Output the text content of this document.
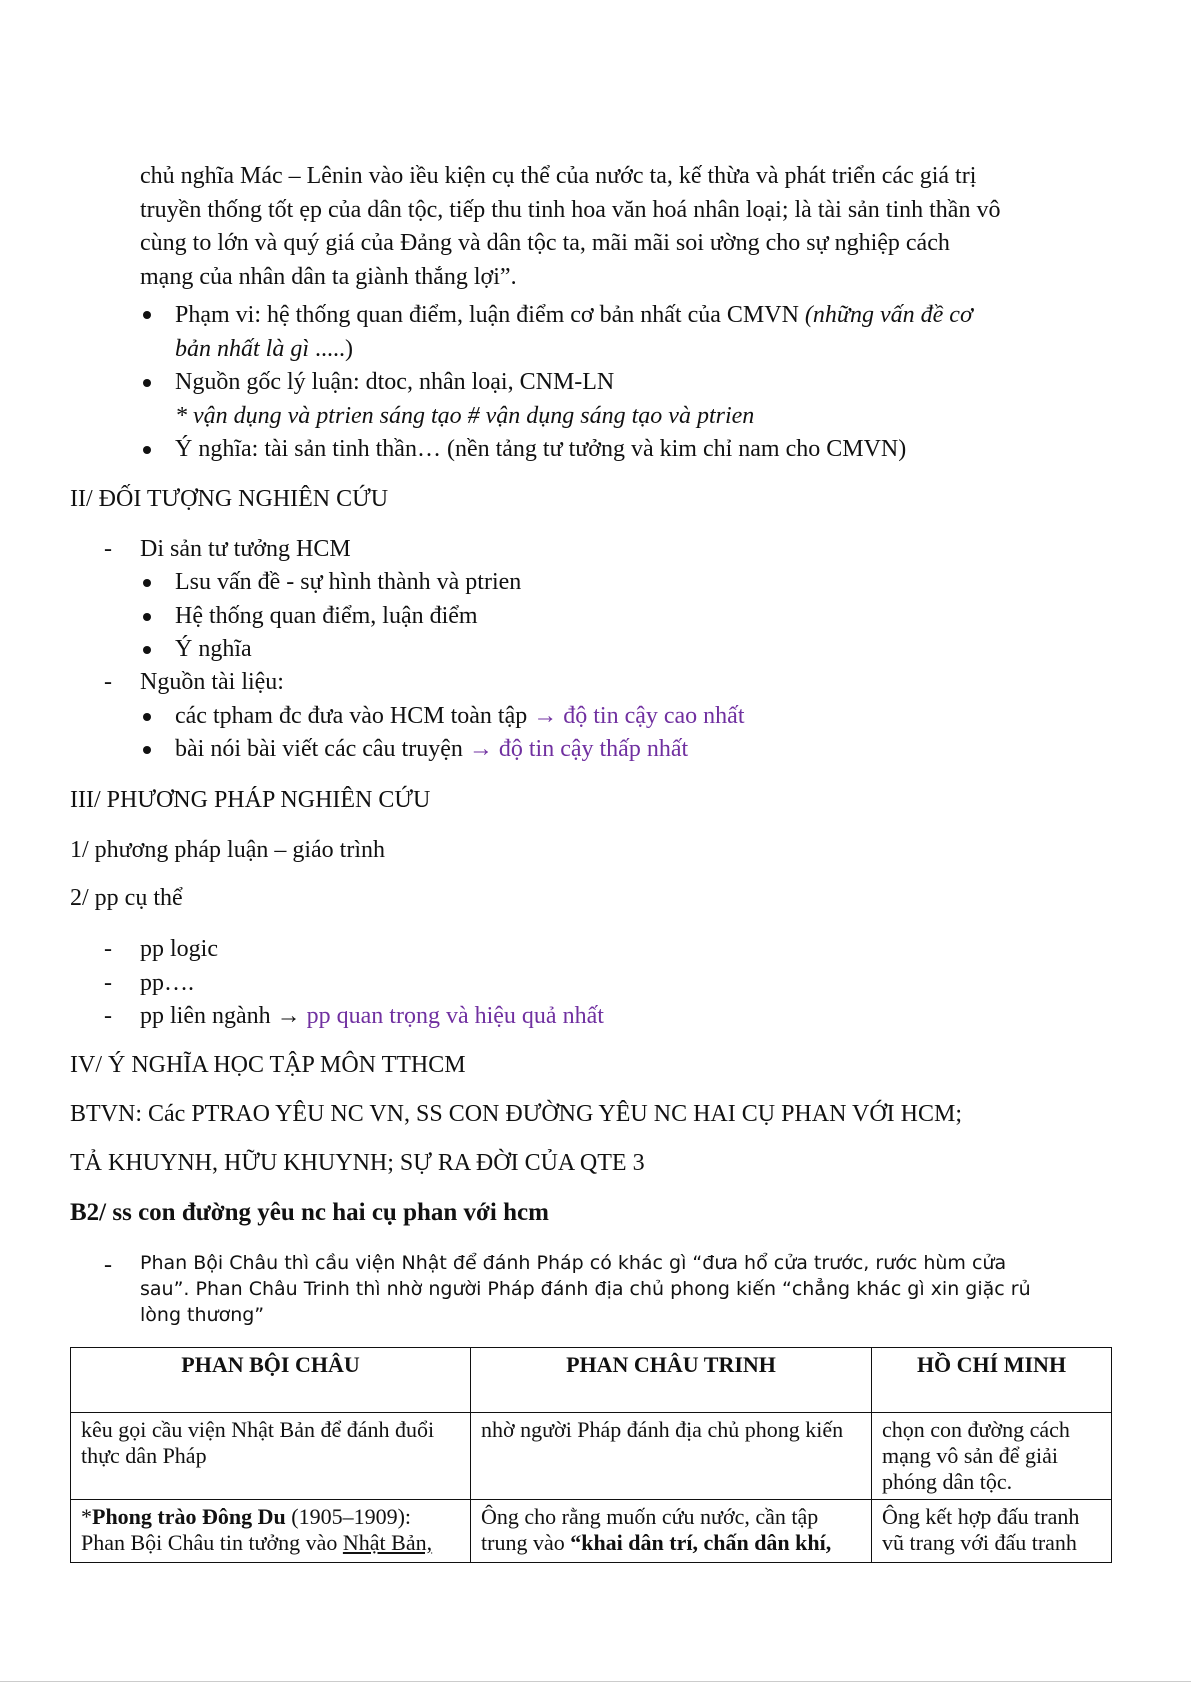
chủ nghĩa Mác – Lênin vào iều kiện cụ thể của nước ta, kế thừa và phát triển các giá trị
truyền thống tốt ẹp của dân tộc, tiếp thu tinh hoa văn hoá nhân loại; là tài sản tinh thần vô
cùng to lớn và quý giá của Đảng và dân tộc ta, mãi mãi soi ường cho sự nghiệp cách
mạng của nhân dân ta giành thắng lợi”.
Phạm vi: hệ thống quan điểm, luận điểm cơ bản nhất của CMVN (những vấn đề cơ
bản nhất là gì .....)
Nguồn gốc lý luận: dtoc, nhân loại, CNM-LN
* vận dụng và ptrien sáng tạo # vận dụng sáng tạo và ptrien
Ý nghĩa: tài sản tinh thần… (nền tảng tư tưởng và kim chỉ nam cho CMVN)
II/ ĐỐI TƯỢNG NGHIÊN CỨU
- Di sản tư tưởng HCM
Lsu vấn đề - sự hình thành và ptrien
Hệ thống quan điểm, luận điểm
Ý nghĩa
- Nguồn tài liệu:
các tpham đc đưa vào HCM toàn tập → độ tin cậy cao nhất
bài nói bài viết các câu truyện → độ tin cậy thấp nhất
III/ PHƯƠNG PHÁP NGHIÊN CỨU
1/ phương pháp luận – giáo trình
2/ pp cụ thể
- pp logic
- pp….
- pp liên ngành → pp quan trọng và hiệu quả nhất
IV/ Ý NGHĨA HỌC TẬP MÔN TTHCM
BTVN: Các PTRAO YÊU NC VN, SS CON ĐƯỜNG YÊU NC HAI CỤ PHAN VỚI HCM;
TẢ KHUYNH, HỮU KHUYNH; SỰ RA ĐỜI CỦA QTE 3
B2/ ss con đường yêu nc hai cụ phan với hcm
- Phan Bội Châu thì cầu viện Nhật để đánh Pháp có khác gì “đưa hổ cửa trước, rước hùm cửa
sau”. Phan Châu Trinh thì nhờ người Pháp đánh địa chủ phong kiến “chẳng khác gì xin giặc rủ
lòng thương”
PHAN BỘI CHÂU	PHAN CHÂU TRINH	HỒ CHÍ MINH
kêu gọi cầu viện Nhật Bản để đánh đuổi thực dân Pháp	nhờ người Pháp đánh địa chủ phong kiến	chọn con đường cách mạng vô sản để giải phóng dân tộc.
*Phong trào Đông Du (1905–1909): Phan Bội Châu tin tưởng vào Nhật Bản,	Ông cho rằng muốn cứu nước, cần tập trung vào “khai dân trí, chấn dân khí,	Ông kết hợp đấu tranh vũ trang với đấu tranh
